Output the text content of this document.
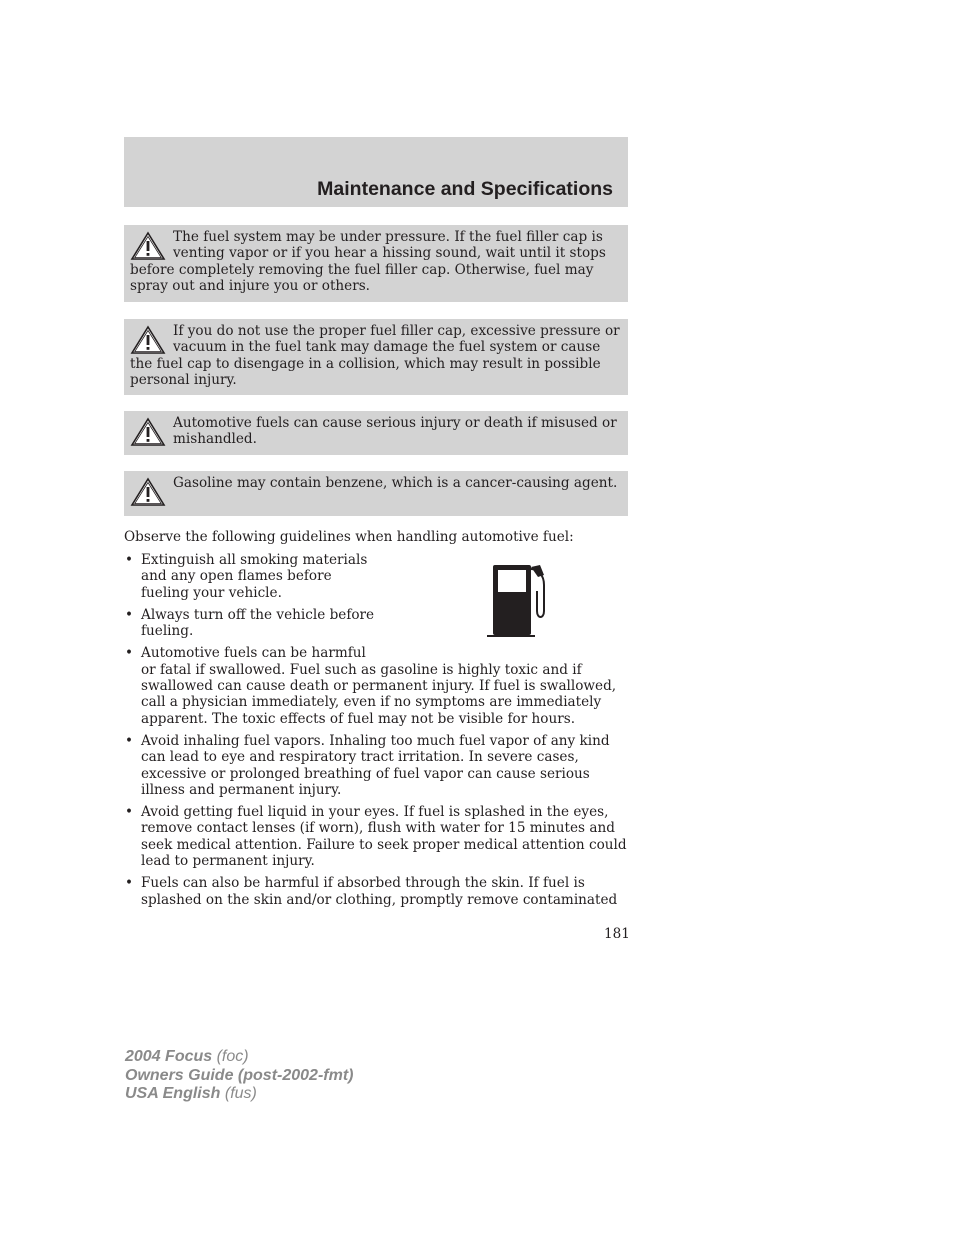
Maintenance and Specifications

The fuel system may be under pressure. If the fuel filler cap is venting vapor or if you hear a hissing sound, wait until it stops before completely removing the fuel filler cap. Otherwise, fuel may spray out and injure you or others.

If you do not use the proper fuel filler cap, excessive pressure or vacuum in the fuel tank may damage the fuel system or cause the fuel cap to disengage in a collision, which may result in possible personal injury.

Automotive fuels can cause serious injury or death if misused or mishandled.

Gasoline may contain benzene, which is a cancer-causing agent.

Observe the following guidelines when handling automotive fuel:

• Extinguish all smoking materials
and any open flames before
fueling your vehicle.
• Always turn off the vehicle before
fueling.
• Automotive fuels can be harmful
or fatal if swallowed. Fuel such as gasoline is highly toxic and if
swallowed can cause death or permanent injury. If fuel is swallowed,
call a physician immediately, even if no symptoms are immediately
apparent. The toxic effects of fuel may not be visible for hours.
• Avoid inhaling fuel vapors. Inhaling too much fuel vapor of any kind
can lead to eye and respiratory tract irritation. In severe cases,
excessive or prolonged breathing of fuel vapor can cause serious
illness and permanent injury.
• Avoid getting fuel liquid in your eyes. If fuel is splashed in the eyes,
remove contact lenses (if worn), flush with water for 15 minutes and
seek medical attention. Failure to seek proper medical attention could
lead to permanent injury.
• Fuels can also be harmful if absorbed through the skin. If fuel is
splashed on the skin and/or clothing, promptly remove contaminated

181

2004 Focus (foc)
Owners Guide (post-2002-fmt)
USA English (fus)
